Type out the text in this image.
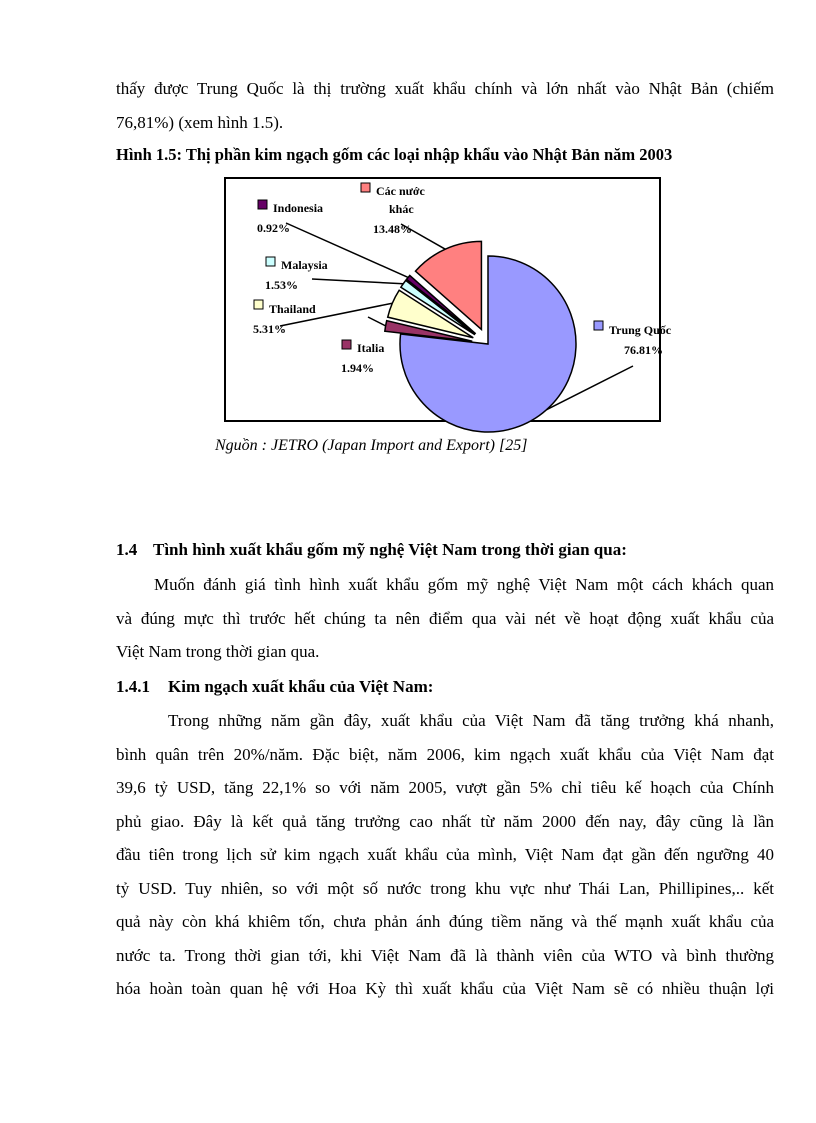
thấy được Trung Quốc là thị trường xuất khẩu chính và lớn nhất vào Nhật Bản (chiếm
76,81%) (xem hình 1.5).
Hình 1.5: Thị phần kim ngạch gốm các loại nhập khẩu vào Nhật Bản năm 2003
Trung Quốc
76.81%
Italia
1.94%
Thailand
5.31%
Malaysia
1.53%
Indonesia
0.92%
Các nước
khác
13.48%
Nguồn : JETRO (Japan Import and Export) [25]
1.4 Tình hình xuất khẩu gốm mỹ nghệ Việt Nam trong thời gian qua:
Muốn đánh giá tình hình xuất khẩu gốm mỹ nghệ Việt Nam một cách khách quan
và đúng mực thì trước hết chúng ta nên điểm qua vài nét về hoạt động xuất khẩu của
Việt Nam trong thời gian qua.
1.4.1 Kim ngạch xuất khẩu của Việt Nam:
Trong những năm gần đây, xuất khẩu của Việt Nam đã tăng trưởng khá nhanh,
bình quân trên 20%/năm. Đặc biệt, năm 2006, kim ngạch xuất khẩu của Việt Nam đạt
39,6 tỷ USD, tăng 22,1% so với năm 2005, vượt gần 5% chỉ tiêu kế hoạch của Chính
phủ giao. Đây là kết quả tăng trưởng cao nhất từ năm 2000 đến nay, đây cũng là lần
đầu tiên trong lịch sử kim ngạch xuất khẩu của mình, Việt Nam đạt gần đến ngưỡng 40
tỷ USD. Tuy nhiên, so với một số nước trong khu vực như Thái Lan, Phillipines,.. kết
quả này còn khá khiêm tốn, chưa phản ánh đúng tiềm năng và thế mạnh xuất khẩu của
nước ta. Trong thời gian tới, khi Việt Nam đã là thành viên của WTO và bình thường
hóa hoàn toàn quan hệ với Hoa Kỳ thì xuất khẩu của Việt Nam sẽ có nhiều thuận lợi
